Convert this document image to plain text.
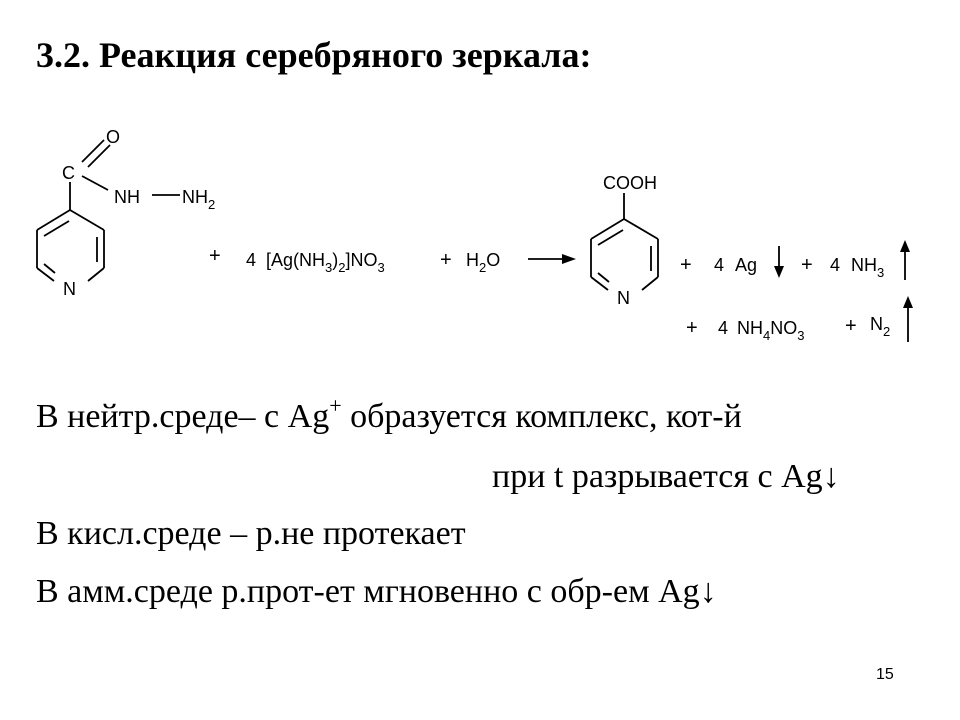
3.2. Реакция серебряного зеркала:
C
O
NH $NH_2$
N
+ 4 $[Ag(NH_3)_2]NO_3$	+ $H_2O$
COOH
N
+ 4 Ag + 4 $NH_3$
+ 4 $NH_4NO_3 + N_2$
В нейтр.среде– с Ag+ образуется комплекс, кот-й
при t разрывается с Ag↓
В кисл.среде – р.не протекает
В амм.среде р.прот-ет мгновенно с обр-ем Ag↓
15
